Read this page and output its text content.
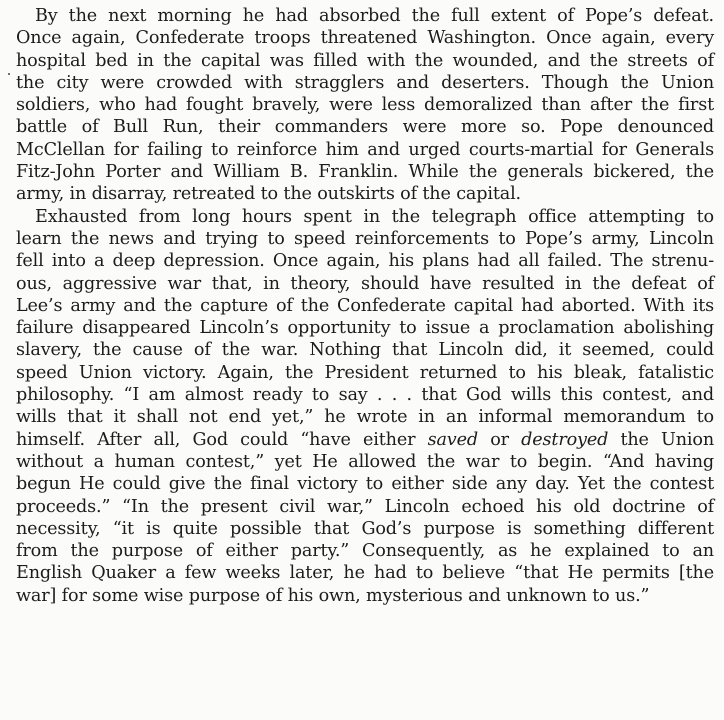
By the next morning he had absorbed the full extent of Pope’s defeat.
Once again, Confederate troops threatened Washington. Once again, every
hospital bed in the capital was filled with the wounded, and the streets of
the city were crowded with stragglers and deserters. Though the Union
soldiers, who had fought bravely, were less demoralized than after the first
battle of Bull Run, their commanders were more so. Pope denounced
McClellan for failing to reinforce him and urged courts-martial for Generals
Fitz-John Porter and William B. Franklin. While the generals bickered, the
army, in disarray, retreated to the outskirts of the capital.
Exhausted from long hours spent in the telegraph office attempting to
learn the news and trying to speed reinforcements to Pope’s army, Lincoln
fell into a deep depression. Once again, his plans had all failed. The strenu-
ous, aggressive war that, in theory, should have resulted in the defeat of
Lee’s army and the capture of the Confederate capital had aborted. With its
failure disappeared Lincoln’s opportunity to issue a proclamation abolishing
slavery, the cause of the war. Nothing that Lincoln did, it seemed, could
speed Union victory. Again, the President returned to his bleak, fatalistic
philosophy. “I am almost ready to say . . . that God wills this contest, and
wills that it shall not end yet,” he wrote in an informal memorandum to
himself. After all, God could “have either saved or destroyed the Union
without a human contest,” yet He allowed the war to begin. “And having
begun He could give the final victory to either side any day. Yet the contest
proceeds.” “In the present civil war,” Lincoln echoed his old doctrine of
necessity, “it is quite possible that God’s purpose is something different
from the purpose of either party.” Consequently, as he explained to an
English Quaker a few weeks later, he had to believe “that He permits [the
war] for some wise purpose of his own, mysterious and unknown to us.”
